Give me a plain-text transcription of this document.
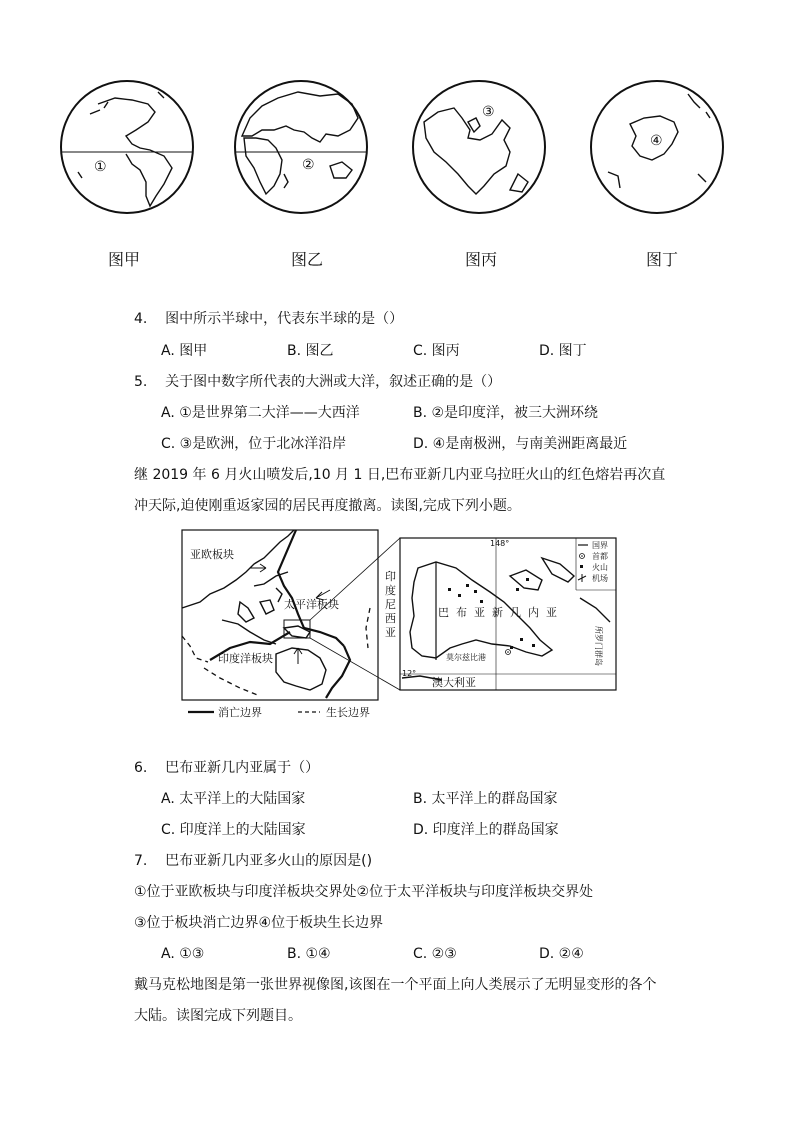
①	②
③
④
图甲	图乙	图丙	图丁
4.    图中所示半球中，代表东半球的是（）
A. 图甲	B. 图乙	C. 图丙	D. 图丁
5.    关于图中数字所代表的大洲或大洋，叙述正确的是（）
A. ①是世界第二大洋——大西洋	B. ②是印度洋，被三大洲环绕
C. ③是欧洲，位于北冰洋沿岸	D. ④是南极洲，与南美洲距离最近
继 2019 年 6 月火山喷发后,10 月 1 日,巴布亚新几内亚乌拉旺火山的红色熔岩再次直
冲天际,迫使刚重返家园的居民再度撤离。读图,完成下列小题。
亚欧板块
太平洋板块
印度洋板块
消亡边界	生长边界
印
度
尼
西
亚
巴 布 亚 新 几 内 亚
莫尔兹比港
澳大利亚
148°
12°
所罗门群岛
国界
首都
火山
机场
6.    巴布亚新几内亚属于（）
A. 太平洋上的大陆国家	B. 太平洋上的群岛国家
C. 印度洋上的大陆国家	D. 印度洋上的群岛国家
7.    巴布亚新几内亚多火山的原因是()
①位于亚欧板块与印度洋板块交界处②位于太平洋板块与印度洋板块交界处
③位于板块消亡边界④位于板块生长边界
A. ①③	B. ①④	C. ②③	D. ②④
戴马克松地图是第一张世界视像图,该图在一个平面上向人类展示了无明显变形的各个
大陆。读图完成下列题目。
